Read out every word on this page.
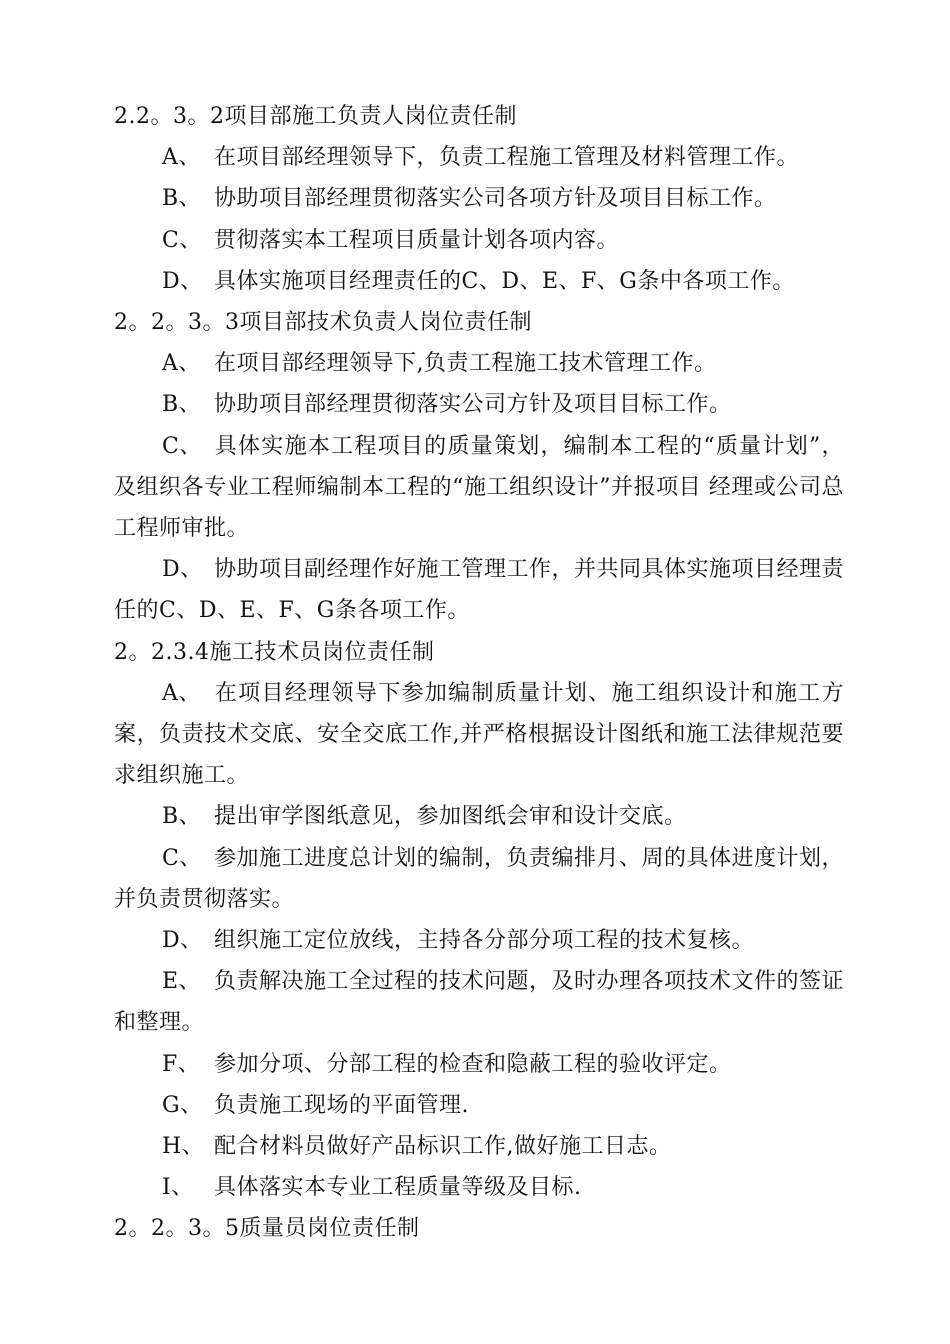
2.2。3。2项目部施工负责人岗位责任制

A、 在项目部经理领导下，负责工程施工管理及材料管理工作。

B、 协助项目部经理贯彻落实公司各项方针及项目目标工作。

C、 贯彻落实本工程项目质量计划各项内容。

D、 具体实施项目经理责任的C、D、E、F、G条中各项工作。

2。2。3。3项目部技术负责人岗位责任制

A、 在项目部经理领导下,负责工程施工技术管理工作。

B、 协助项目部经理贯彻落实公司方针及项目目标工作。

C、 具体实施本工程项目的质量策划，编制本工程的“质量计划”，及组织各专业工程师编制本工程的“施工组织设计”并报项目 经理或公司总工程师审批。

D、 协助项目副经理作好施工管理工作，并共同具体实施项目经理责任的C、D、E、F、G条各项工作。

2。2.3.4施工技术员岗位责任制

A、 在项目经理领导下参加编制质量计划、施工组织设计和施工方案，负责技术交底、安全交底工作,并严格根据设计图纸和施工法律规范要求组织施工。

B、 提出审学图纸意见，参加图纸会审和设计交底。

C、 参加施工进度总计划的编制，负责编排月、周的具体进度计划，并负责贯彻落实。

D、 组织施工定位放线，主持各分部分项工程的技术复核。

E、 负责解决施工全过程的技术问题，及时办理各项技术文件的签证和整理。

F、 参加分项、分部工程的检查和隐蔽工程的验收评定。

G、 负责施工现场的平面管理.

H、 配合材料员做好产品标识工作,做好施工日志。

I、 具体落实本专业工程质量等级及目标.

2。2。3。5质量员岗位责任制
